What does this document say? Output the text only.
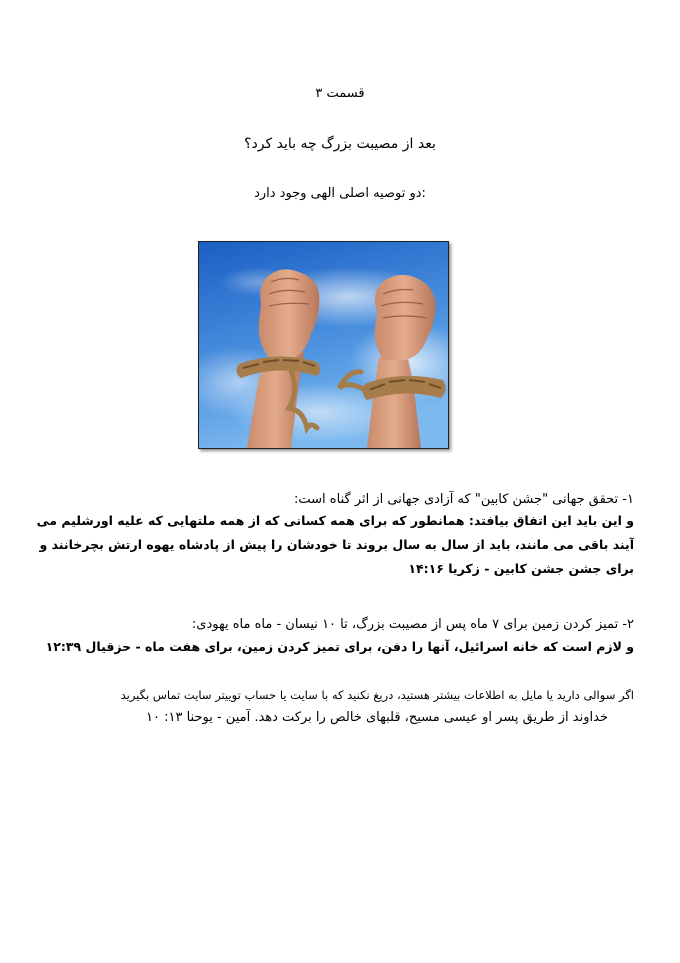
قسمت ۳
بعد از مصیبت بزرگ چه باید کرد؟
:دو توصیه اصلی الهی وجود دارد
۱- تحقق جهانی "جشن کابین" که آزادی جهانی از اثر گناه است:
و این باید این اتفاق بیافتد: همانطور که برای همه کسانی که از همه ملتهایی که علیه اورشلیم می آیند باقی می مانند، باید از سال به سال بروند تا خودشان را پیش از پادشاه یهوه ارتش بچرخانند و برای جشن جشن کابین - زکریا ۱۴:۱۶
۲- تمیز کردن زمین برای ۷ ماه پس از مصیبت بزرگ، تا ۱۰ نیسان - ماه ماه یهودی:
و لازم است که خانه اسرائیل، آنها را دفن، برای تمیز کردن زمین، برای هفت ماه - حزقیال ۱۲:۳۹
اگر سوالی دارید یا مایل به اطلاعات بیشتر هستید، دریغ نکنید که با سایت یا حساب توییتر سایت تماس بگیرید
خداوند از طریق پسر او عیسی مسیح، قلبهای خالص را برکت دهد. آمین - یوحنا ۱۳: ۱۰
